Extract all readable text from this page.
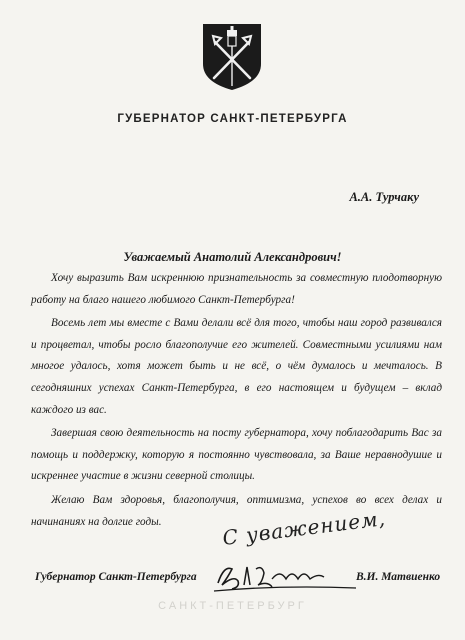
ГУБЕРНАТОР САНКТ-ПЕТЕРБУРГА
А.А. Турчаку
Уважаемый Анатолий Александрович!

Хочу выразить Вам искреннюю признательность за совместную плодотворную работу на благо нашего любимого Санкт-Петербурга!

Восемь лет мы вместе с Вами делали всё для того, чтобы наш город развивался и процветал, чтобы росло благополучие его жителей. Совместными усилиями нам многое удалось, хотя может быть и не всё, о чём думалось и мечталось. В сегодняшних успехах Санкт-Петербурга, в его настоящем и будущем – вклад каждого из вас.

Завершая свою деятельность на посту губернатора, хочу поблагодарить Вас за помощь и поддержку, которую я постоянно чувствовала, за Ваше неравнодушие и искреннее участие в жизни северной столицы.

Желаю Вам здоровья, благополучия, оптимизма, успехов во всех делах и начинаниях на долгие годы.	С уважением,
САНКТ-ПЕТЕРБУРГ
Губернатор Санкт-Петербурга	В.И. Матвиенко
